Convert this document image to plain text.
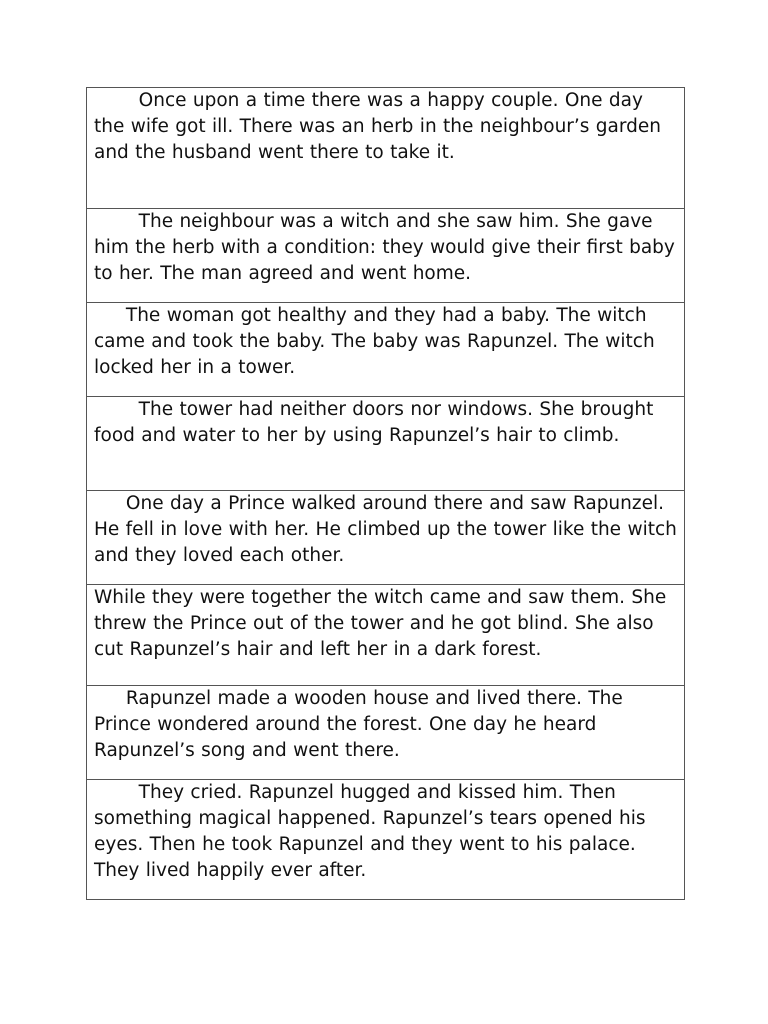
Once upon a time there was a happy couple. One day the wife got ill. There was an herb in the neighbour’s garden and the husband went there to take it.

The neighbour was a witch and she saw him. She gave him the herb with a condition: they would give their first baby to her. The man agreed and went home.

The woman got healthy and they had a baby. The witch came and took the baby. The baby was Rapunzel. The witch locked her in a tower.

The tower had neither doors nor windows. She brought food and water to her by using Rapunzel’s hair to climb.

One day a Prince walked around there and saw Rapunzel. He fell in love with her. He climbed up the tower like the witch and they loved each other.

While they were together the witch came and saw them. She threw the Prince out of the tower and he got blind. She also cut Rapunzel’s hair and left her in a dark forest.

Rapunzel made a wooden house and lived there. The Prince wondered around the forest. One day he heard Rapunzel’s song and went there.

They cried. Rapunzel hugged and kissed him. Then something magical happened. Rapunzel’s tears opened his eyes. Then he took Rapunzel and they went to his palace. They lived happily ever after.
